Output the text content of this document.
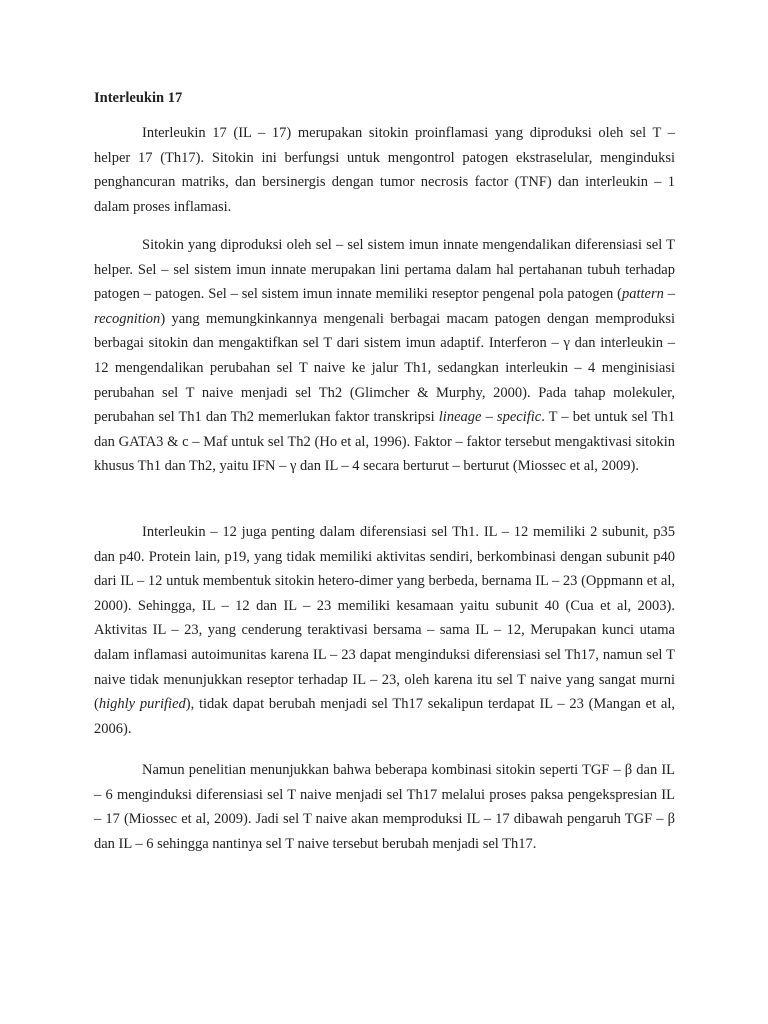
Interleukin 17

Interleukin 17 (IL – 17) merupakan sitokin proinflamasi yang diproduksi oleh sel T – helper 17 (Th17). Sitokin ini berfungsi untuk mengontrol patogen ekstraselular, menginduksi penghancuran matriks, dan bersinergis dengan tumor necrosis factor (TNF) dan interleukin – 1 dalam proses inflamasi.

Sitokin yang diproduksi oleh sel – sel sistem imun innate mengendalikan diferensiasi sel T helper. Sel – sel sistem imun innate merupakan lini pertama dalam hal pertahanan tubuh terhadap patogen – patogen. Sel – sel sistem imun innate memiliki reseptor pengenal pola patogen (pattern – recognition) yang memungkinkannya mengenali berbagai macam patogen dengan memproduksi berbagai sitokin dan mengaktifkan sel T dari sistem imun adaptif. Interferon – γ dan interleukin – 12 mengendalikan perubahan sel T naive ke jalur Th1, sedangkan interleukin – 4 menginisiasi perubahan sel T naive menjadi sel Th2 (Glimcher & Murphy, 2000). Pada tahap molekuler, perubahan sel Th1 dan Th2 memerlukan faktor transkripsi lineage – specific. T – bet untuk sel Th1 dan GATA3 & c – Maf untuk sel Th2 (Ho et al, 1996). Faktor – faktor tersebut mengaktivasi sitokin khusus Th1 dan Th2, yaitu IFN – γ dan IL – 4 secara berturut – berturut (Miossec et al, 2009).

Interleukin – 12 juga penting dalam diferensiasi sel Th1. IL – 12 memiliki 2 subunit, p35 dan p40. Protein lain, p19, yang tidak memiliki aktivitas sendiri, berkombinasi dengan subunit p40 dari IL – 12 untuk membentuk sitokin hetero-dimer yang berbeda, bernama IL – 23 (Oppmann et al, 2000). Sehingga, IL – 12 dan IL – 23 memiliki kesamaan yaitu subunit 40 (Cua et al, 2003). Aktivitas IL – 23, yang cenderung teraktivasi bersama – sama IL – 12, Merupakan kunci utama dalam inflamasi autoimunitas karena IL – 23 dapat menginduksi diferensiasi sel Th17, namun sel T naive tidak menunjukkan reseptor terhadap IL – 23, oleh karena itu sel T naive yang sangat murni (highly purified), tidak dapat berubah menjadi sel Th17 sekalipun terdapat IL – 23 (Mangan et al, 2006).

Namun penelitian menunjukkan bahwa beberapa kombinasi sitokin seperti TGF – β dan IL – 6 menginduksi diferensiasi sel T naive menjadi sel Th17 melalui proses paksa pengekspresian IL – 17 (Miossec et al, 2009). Jadi sel T naive akan memproduksi IL – 17 dibawah pengaruh TGF – β dan IL – 6 sehingga nantinya sel T naive tersebut berubah menjadi sel Th17.
